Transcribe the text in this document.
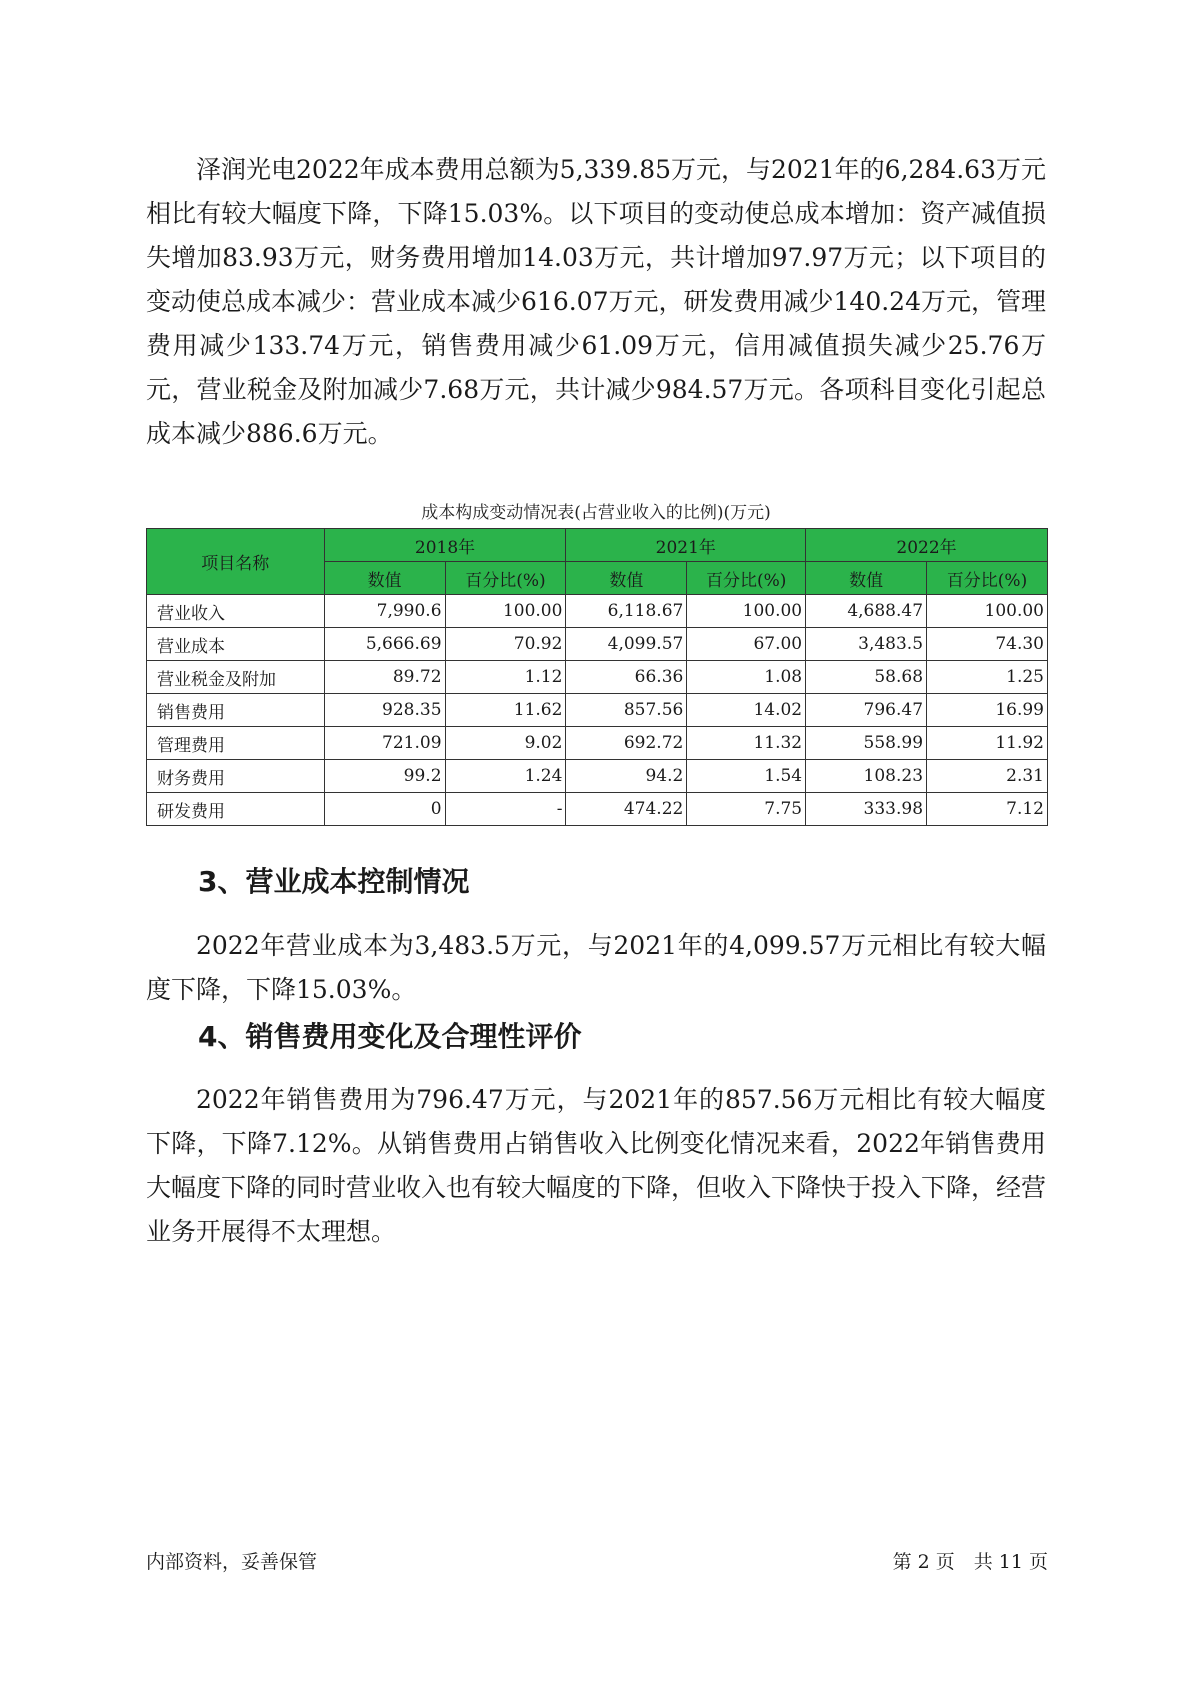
泽润光电2022年成本费用总额为5,339.85万元，与2021年的6,284.63万元相比有较大幅度下降，下降15.03%。以下项目的变动使总成本增加：资产减值损失增加83.93万元，财务费用增加14.03万元，共计增加97.97万元；以下项目的变动使总成本减少：营业成本减少616.07万元，研发费用减少140.24万元，管理费用减少133.74万元，销售费用减少61.09万元，信用减值损失减少25.76万元，营业税金及附加减少7.68万元，共计减少984.57万元。各项科目变化引起总成本减少886.6万元。

成本构成变动情况表(占营业收入的比例)(万元)
项目名称	2018年		2021年		2022年	
	数值	百分比(%)	数值	百分比(%)	数值	百分比(%)
营业收入	7,990.6	100.00	6,118.67	100.00	4,688.47	100.00
营业成本	5,666.69	70.92	4,099.57	67.00	3,483.5	74.30
营业税金及附加	89.72	1.12	66.36	1.08	58.68	1.25
销售费用	928.35	11.62	857.56	14.02	796.47	16.99
管理费用	721.09	9.02	692.72	11.32	558.99	11.92
财务费用	99.2	1.24	94.2	1.54	108.23	2.31
研发费用	0	-	474.22	7.75	333.98	7.12
3、营业成本控制情况

2022年营业成本为3,483.5万元，与2021年的4,099.57万元相比有较大幅度下降，下降15.03%。

4、销售费用变化及合理性评价

2022年销售费用为796.47万元，与2021年的857.56万元相比有较大幅度下降，下降7.12%。从销售费用占销售收入比例变化情况来看，2022年销售费用大幅度下降的同时营业收入也有较大幅度的下降，但收入下降快于投入下降，经营业务开展得不太理想。

内部资料，妥善保管	第 2 页　共 11 页
